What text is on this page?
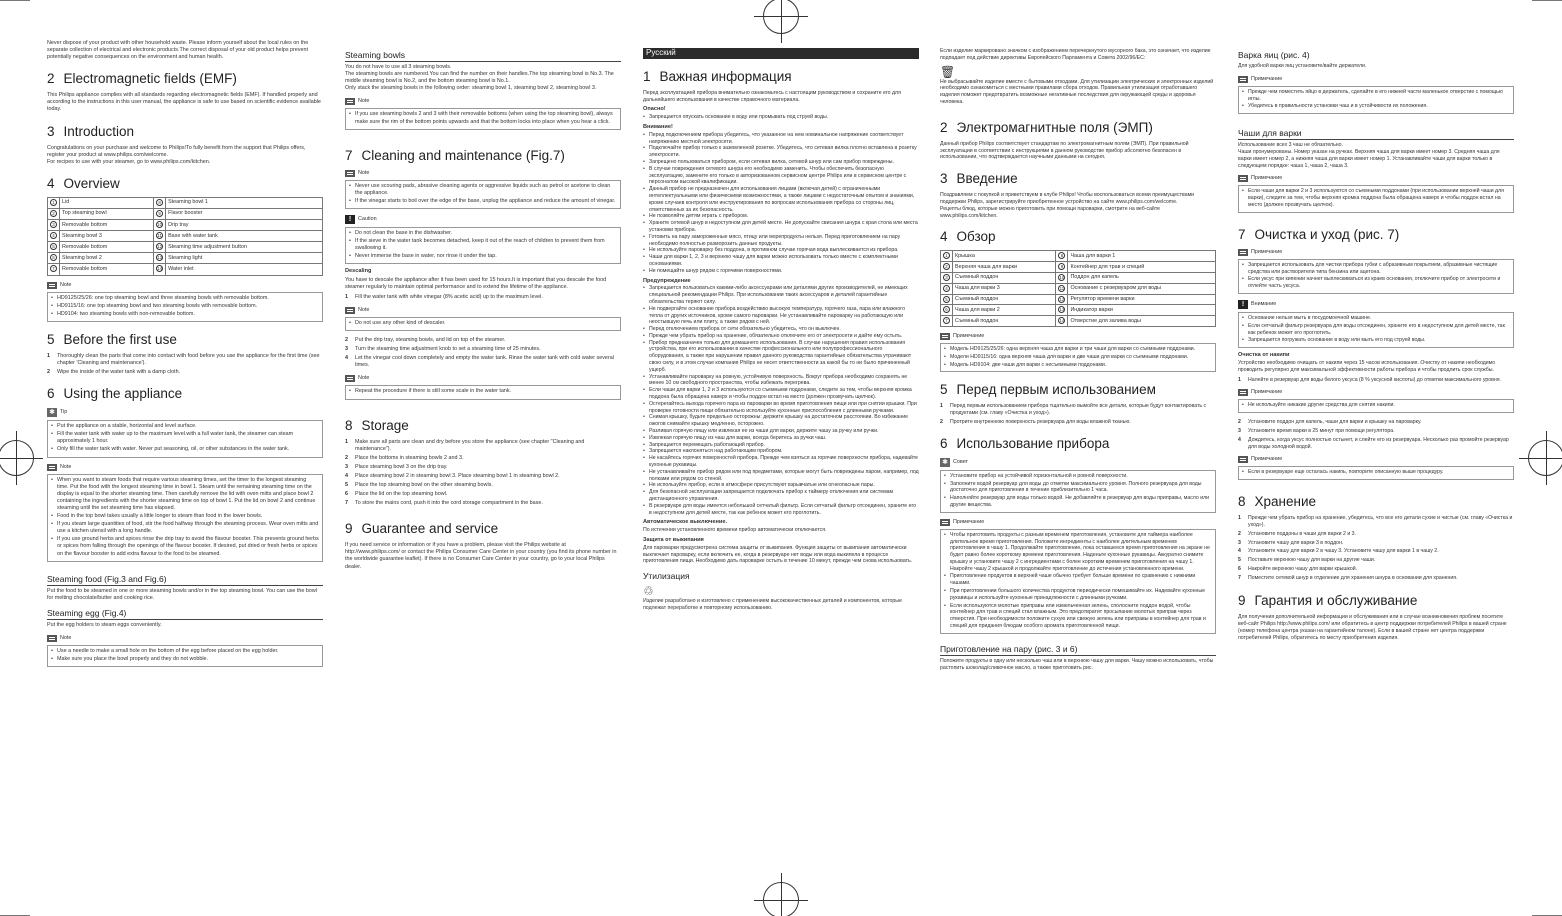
Never dispose of your product with other household waste. Please inform yourself about the local rules on the separate collection of electrical and electronic products.The correct disposal of your old product helps prevent potentially negative consequences on the environment and human health.

2 Electromagnetic fields (EMF)

This Philips appliance complies with all standards regarding electromagnetic fields (EMF). If handled properly and according to the instructions in this user manual, the appliance is safe to use based on scientific evidence available today.

3 Introduction

Congratulations on your purchase and welcome to Philips!To fully benefit from the support that Philips offers, register your product at www.philips.com/welcome.
For recipes to use with your steamer, go to www.philips.com/kitchen.

4 Overview
1	Lid	8	Steaming bowl 1
2	Top steaming bowl	9	Flavor booster
3	Removable bottom	10	Drip tray
4	Steaming bowl 3	11	Base with water tank
5	Removable bottom	12	Steaming time adjustment button
6	Steaming bowl 2	13	Steaming light
7	Removable bottom	14	Water inlet
Note
• HD9125/25/26: one top steaming bowl and three steaming bowls with removable bottom.
• HD9115/16: one top steaming bowl and two steaming bowls with removable bottom.
• HD9104: two steaming bowls with non-removable bottom.
5 Before the first use
1	Thoroughly clean the parts that come into contact with food before you use the appliance for the first time (see chapter 'Cleaning and maintenance').
2	Wipe the inside of the water tank with a damp cloth.
6 Using the appliance
✱ Tip
• Put the appliance on a stable, horizontal and level surface.
• Fill the water tank with water up to the maximum level.with a full water tank, the steamer can steam approximately 1 hour.
• Only fill the water tank with water. Never put seasoning, oil, or other substances in the water tank.
Note
• When you want to steam foods that require various steaming times, set the timer to the longest steaming time. Put the food with the longest steaming time in bowl 1. Steam until the remaining steaming time on the display is equal to the shorter steaming time. Then carefully remove the lid with oven mitts and place bowl 2 containing the ingredients with the shorter steaming time on top of bowl 1. Put the lid on bowl 2 and continue steaming until the set steaming time has elapsed.
• Food in the top bowl takes usually a little longer to steam than food in the lower bowls.
• If you steam large quantities of food, stir the food halfway through the steaming process. Wear oven mitts and use a kitchen utensil with a long handle.
• If you use ground herbs and spices rinse the drip tray to avoid the flavour booster. This prevents ground herbs or spices from falling through the openings of the flavour booster. If desired, put dried or fresh herbs or spices on the flavour booster to add extra flavour to the food to be steamed.
Steaming food (Fig.3 and Fig.6)

Put the food to be steamed in one or more steaming bowls and/or in the top steaming bowl. You can use the bowl for melting chocolate/butter and cooking rice.

Steaming egg (Fig.4)

Put the egg holders to steam eggs conveniently.

Note
• Use a needle to make a small hole on the bottom of the egg before placed on the egg holder.
• Make sure you place the bowl properly and they do not wobble.
Steaming bowls

You do not have to use all 3 steaming bowls.
The steaming bowls are numbered.You can find the number on their handles.The top steaming bowl is No.3. The middle steaming bowl is No.2, and the bottom steaming bowl is No.1.
Only stack the steaming bowls in the following order: steaming bowl 1, steaming bowl 2, steaming bowl 3.

Note
• If you use steaming bowls 2 and 3 with their removable bottoms (when using the top steaming bowl), always make sure the rim of the bottom points upwards and that the bottom locks into place when you hear a click.
7 Cleaning and maintenance (Fig.7)
Note
• Never use scouring pads, abrasive cleaning agents or aggressive liquids such as petrol or acetone to clean the appliance.
• If the vinegar starts to boil over the edge of the base, unplug the appliance and reduce the amount of vinegar.
!	Caution
• Do not clean the base in the dishwasher.
• If the sieve in the water tank becomes detached, keep it out of the reach of children to prevent them from swallowing it.
• Never immerse the base in water, nor rinse it under the tap.
Descaling

You have to descale the appliance after it has been used for 15 hours.It is important that you descale the food steamer regularly to maintain optimal performance and to extend the lifetime of the appliance.

1	Fill the water tank with white vinegar (8% acetic acid) up to the maximum level.
Note
• Do not use any other kind of descaler.
2	Put the drip tray, steaming bowls, and lid on top of the steamer.
3	Turn the steaming time adjustment knob to set a steaming time of 25 minutes.
4	Let the vinegar cool down completely and empty the water tank. Rinse the water tank with cold water several times.
Note
• Repeat the procedure if there is still some scale in the water tank.
8 Storage
1	Make sure all parts are clean and dry before you store the appliance (see chapter "Cleaning and maintenance").
2	Place the bottoms in steaming bowls 2 and 3.
3	Place steaming bowl 3 on the drip tray.
4	Place steaming bowl 2 in steaming bowl 3. Place steaming bowl 1 in steaming bowl 2.
5	Place the top steaming bowl on the other steaming bowls.
6	Place the lid on the top steaming bowl.
7	To store the mains cord, push it into the cord storage compartment in the base.
9 Guarantee and service

If you need service or information or if you have a problem, please visit the Philips website at http://www.philips.com/ or contact the Philips Consumer Care Center in your country (you find its phone number in the worldwide guarantee leaflet). If there is no Consumer Care Center in your country, go to your local Philips dealer.

Русский
1 Важная информация

Перед эксплуатацией прибора внимательно ознакомьтесь с настоящим руководством и сохраните его для дальнейшего использования в качестве справочного материала.

Опасно!
• Запрещается опускать основание в воду или промывать под струей воды.
Внимание!
• Перед подключением прибора убедитесь, что указанное на нем номинальное напряжение соответствует напряжению местной электросети.
• Подключайте прибор только к заземленной розетке. Убедитесь, что сетевая вилка плотно вставлена в розетку электросети.
• Запрещено пользоваться прибором, если сетевая вилка, сетевой шнур или сам прибор повреждены.
• В случае повреждения сетевого шнура его необходимо заменить. Чтобы обеспечить безопасную эксплуатацию, замените его только в авторизованном сервисном центре Philips или в сервисном центре с персоналом высокой квалификации.
• Данный прибор не предназначен для использования лицами (включая детей) с ограниченными интеллектуальными или физическими возможностями, а также лицами с недостаточным опытом и знаниями, кроме случаев контроля или инструктирования по вопросам использования прибора со стороны лиц, ответственных за их безопасность.
• Не позволяйте детям играть с прибором.
• Храните сетевой шнур в недоступном для детей месте. Не допускайте свисания шнура с края стола или места установки прибора.
• Готовить на пару замороженные мясо, птицу или морепродукты нельзя. Перед приготовлением на пару необходимо полностью разморозить данные продукты.
• Не используйте пароварку без поддона, в противном случае горячая вода выплескивается из прибора.
• Чаши для варки 1, 2, 3 и верхнюю чашу для варки можно использовать только вместе с комплектными основаниями.
• Не помещайте шнур рядом с горячими поверхностями.
Предупреждение
• Запрещается пользоваться какими-либо аксессуарами или деталями других производителей, не имеющих специальной рекомендации Philips. При использовании таких аксессуаров и деталей гарантийные обязательства теряют силу.
• Не подвергайте основание прибора воздействию высокую температуру, горячего газа, пара или влажного тепла от других источников, кроме самого пароварки. Не устанавливайте пароварку на работающую или неостывшую печь или плиту, а также рядом с ней.
• Перед отключением прибора от сети обязательно убедитесь, что он выключен.
• Прежде чем убрать прибор на хранение, обязательно отключите его от электросети и дайте ему остыть.
• Прибор предназначен только для домашнего использования. В случае нарушения правил использования устройства, при его использовании в качестве профессионального или полупрофессионального оборудования, а также при нарушении правил данного руководства гарантийные обязательства утрачивают свою силу, и в этом случае компания Philips не несет ответственности за какой бы то ни было причиненный ущерб.
• Устанавливайте пароварку на ровную, устойчивую поверхность. Вокруг прибора необходимо сохранять не менее 10 см свободного пространства, чтобы избежать перегрева.
• Если чаши для варки 1, 2 и 3 используются со съемными поддонами, следите за тем, чтобы верхняя кромка поддона была обращена наверх и чтобы поддон встал на место (должен прозвучать щелчок).
• Остерегайтесь выхода горячего пара из пароварки во время приготовления пищи или при снятии крышки. При проверке готовности пищи обязательно используйте кухонные приспособления с длинными ручками.
• Снимая крышку, будьте предельно осторожны: держите крышку на достаточном расстоянии. Во избежание ожогов снимайте крышку медленно, осторожно.
• Разливая горячую пищу или извлекая ее из чаши для варки, держите чашу за ручку или ручки.
• Извлекая горячую пищу из чаш для варки, всегда беритесь за ручки чаш.
• Запрещается перемещать работающий прибор.
• Запрещается наклоняться над работающим прибором.
• Не касайтесь горячих поверхностей прибора. Прежде чем взяться за горячие поверхности прибора, надевайте кухонные рукавицы.
• Не устанавливайте прибор рядом или под предметами, которые могут быть повреждены паром, например, под полками или рядом со стеной.
• Не используйте прибор, если в атмосфере присутствуют взрывчатые или огнеопасные пары.
• Для безопасной эксплуатации запрещается подключать прибор к таймеру отключения или системам дистанционного управления.
• В резервуаре для воды имеется небольшой сетчатый фильтр. Если сетчатый фильтр отсоединен, храните его в недоступном для детей месте, так как ребенок может его проглотить.
Автоматическое выключение.

По истечении установленного времени прибор автоматически отключается.

Защита от выкипания

Для пароварки предусмотрена система защиты от выкипания. Функция защиты от выкипания автоматически выключает пароварку, если включить ее, когда в резервуаре нет воды или вода выкипела в процессе приготовления пищи. Необходимо дать пароварке остыть в течение 10 минут, прежде чем снова использовать.

Утилизация
♲

Изделие разработано и изготовлено с применением высококачественных деталей и компонентов, которые подлежат переработке и повторному использованию.

Если изделие маркировано значком с изображением перечеркнутого мусорного бака, это означает, что изделие подпадает под действие директивы Европейского Парламента и Совета 2002/96/ЕС:

🗑

Не выбрасывайте изделие вместе с бытовыми отходами. Для утилизации электрических и электронных изделий необходимо ознакомиться с местными правилами сбора отходов. Правильная утилизация отработавшего изделия поможет предотвратить возможные негативные последствия для окружающей среды и здоровья человека.

2 Электромагнитные поля (ЭМП)

Данный прибор Philips соответствует стандартам по электромагнитным полям (ЭМП). При правильной эксплуатации в соответствии с инструкциями в данном руководстве прибор абсолютно безопасен в использовании, что подтверждается научными данными на сегодня.

3 Введение

Поздравляем с покупкой и приветствуем в клубе Philips! Чтобы воспользоваться всеми преимуществами поддержки Philips, зарегистрируйте приобретенное устройство на сайте www.philips.com/welcome.
Рецепты блюд, которые можно приготовить при помощи пароварки, смотрите на веб-сайте www.philips.com/kitchen.

4 Обзор
1	Крышка	8	Чаша для варки 1
2	Верхняя чаша для варки	9	Контейнер для трав и специй
3	Съемный поддон	10	Поддон для капель
4	Чаша для варки 3	11	Основание с резервуаром для воды
5	Съемный поддон	12	Регулятор времени варки
6	Чаша для варки 2	13	Индикатор варки
7	Съемный поддон	14	Отверстие для залива воды
Примечание
• Модель HD9125/25/26: одна верхняя чаша для варки и три чаши для варки со съемными поддонами.
• Модели HD9115/16: одна верхняя чаша для варки и две чаши для варки со съемными поддонами.
• Модель HD9104: две чаши для варки с несъемными поддонами.
5 Перед первым использованием
1	Перед первым использованием прибора тщательно вымойте все детали, которые будут контактировать с продуктами (см. главу «Очистка и уход»).
2	Протрите внутреннюю поверхность резервуара для воды влажной тканью.
6 Использование прибора
✱ Совет
• Установите прибор на устойчивой горизонтальной и ровной поверхности.
• Заполните водой резервуар для воды до отметки максимального уровня. Полного резервуара для воды достаточно для приготовления в течение приблизительно 1 часа.
• Наполняйте резервуар для воды только водой. Не добавляйте в резервуар для воды приправы, масло или другие вещества.
Примечание
• Чтобы приготовить продукты с разным временем приготовления, установите для таймера наиболее длительное время приготовления. Положите ингредиенты с наиболее длительным временем приготовления в чашу 1. Продолжайте приготовление, пока оставшееся время приготовления на экране не будет равно более короткому времени приготовления. Наденьте кухонные рукавицы. Аккуратно снимите крышку и установите чашу 2 с ингредиентами с более коротким временем приготовления на чашу 1. Накройте чашу 2 крышкой и продолжайте приготовление до истечения установленного времени.
• Приготовление продуктов в верхней чаше обычно требует больше времени по сравнению с нижними чашами.
• При приготовлении большого количества продуктов периодически помешивайте их. Надевайте кухонные рукавицы и используйте кухонные принадлежности с длинными ручками.
• Если используются молотые приправы или измельченная зелень, сполосните поддон водой, чтобы контейнер для трав и специй стал влажным. Это предотвратит просыпание молотых приправ через отверстия. При необходимости положите сухую или свежую зелень или приправы в контейнер для трав и специй для придания блюдам особого аромата приготовленной пищи.
Приготовление на пару (рис. 3 и 6)

Положите продукты в одну или несколько чаш или в верхнюю чашу для варки. Чашу можно использовать, чтобы растопить шоколад/сливочное масло, а также приготовить рис.

Варка яиц (рис. 4)

Для удобной варки яиц установите/вайте держатели.

Примечание
• Прежде чем поместить яйцо в держатель, сделайте в его нижней части маленькое отверстие с помощью иглы.
• Убедитесь в правильности установки чаш и в устойчивости их положения.
Чаши для варки

Использование всех 3 чаш не обязательно.
Чаши пронумерованы. Номер указан на ручках. Верхняя чаша для варки имеет номер 3. Средняя чаша для варки имеет номер 2, а нижняя чаша для варки имеет номер 1. Устанавливайте чаши для варки только в следующем порядке: чаша 1, чаша 2, чаша 3.

Примечание
• Если чаши для варки 2 и 3 используются со съемными поддонами (при использовании верхней чаши для варки), следите за тем, чтобы верхняя кромка поддона была обращена наверх и чтобы поддон встал на место (должен прозвучать щелчок).
7 Очистка и уход (рис. 7)
Примечание
• Запрещается использовать для чистки прибора губки с абразивным покрытием, абразивные чистящие средства или растворители типа бензина или ацетона.
• Если уксус при кипении начнет выплескиваться из краев основания, отключите прибор от электросети и отлейте часть уксуса.
!	Внимание
• Основание нельзя мыть в посудомоечной машине.
• Если сетчатый фильтр резервуара для воды отсоединен, храните его в недоступном для детей месте, так как ребенок может его проглотить.
• Запрещается погружать основание в воду или мыть его под струей воды.
Очистка от накипи

Устройство необходимо очищать от накипи через 15 часов использования. Очистку от накипи необходимо проводить регулярно для максимальной эффективности работы прибора и чтобы продлить срок службы.

1	Налейте в резервуар для воды белого уксуса (8 % уксусной кислоты) до отметки максимального уровня.
Примечание
• Не используйте никакие другие средства для снятия накипи.
2	Установите поддон для капель, чаши для варки и крышку на пароварку.
3	Установите время варки в 25 минут при помощи регулятора.
4	Дождитесь, когда уксус полностью остынет, и слейте его из резервуара. Несколько раз промойте резервуар для воды холодной водой.
Примечание
• Если в резервуаре еще осталась накипь, повторите описанную выше процедуру.
8 Хранение
1	Прежде чем убрать прибор на хранение, убедитесь, что все его детали сухие и чистые (см. главу «Очистка и уход»).
2	Установите поддоны в чаши для варки 2 и 3.
3	Установите чашу для варки 3 в поддон.
4	Установите чашу для варки 2 в чашу 3. Установите чашу для варки 1 в чашу 2.
5	Поставьте верхнюю чашу для варки на другие чаши.
6	Накройте верхнюю чашу для варки крышкой.
7	Поместите сетевой шнур в отделение для хранения шнура в основании для хранения.
9 Гарантия и обслуживание

Для получения дополнительной информации и обслуживания или в случае возникновения проблем посетите веб-сайт Philips http://www.philips.com/ или обратитесь в центр поддержки потребителей Philips в вашей стране (номер телефона центра указан на гарантийном талоне). Если в вашей стране нет центра поддержки потребителей Philips, обратитесь по месту приобретения изделия.
